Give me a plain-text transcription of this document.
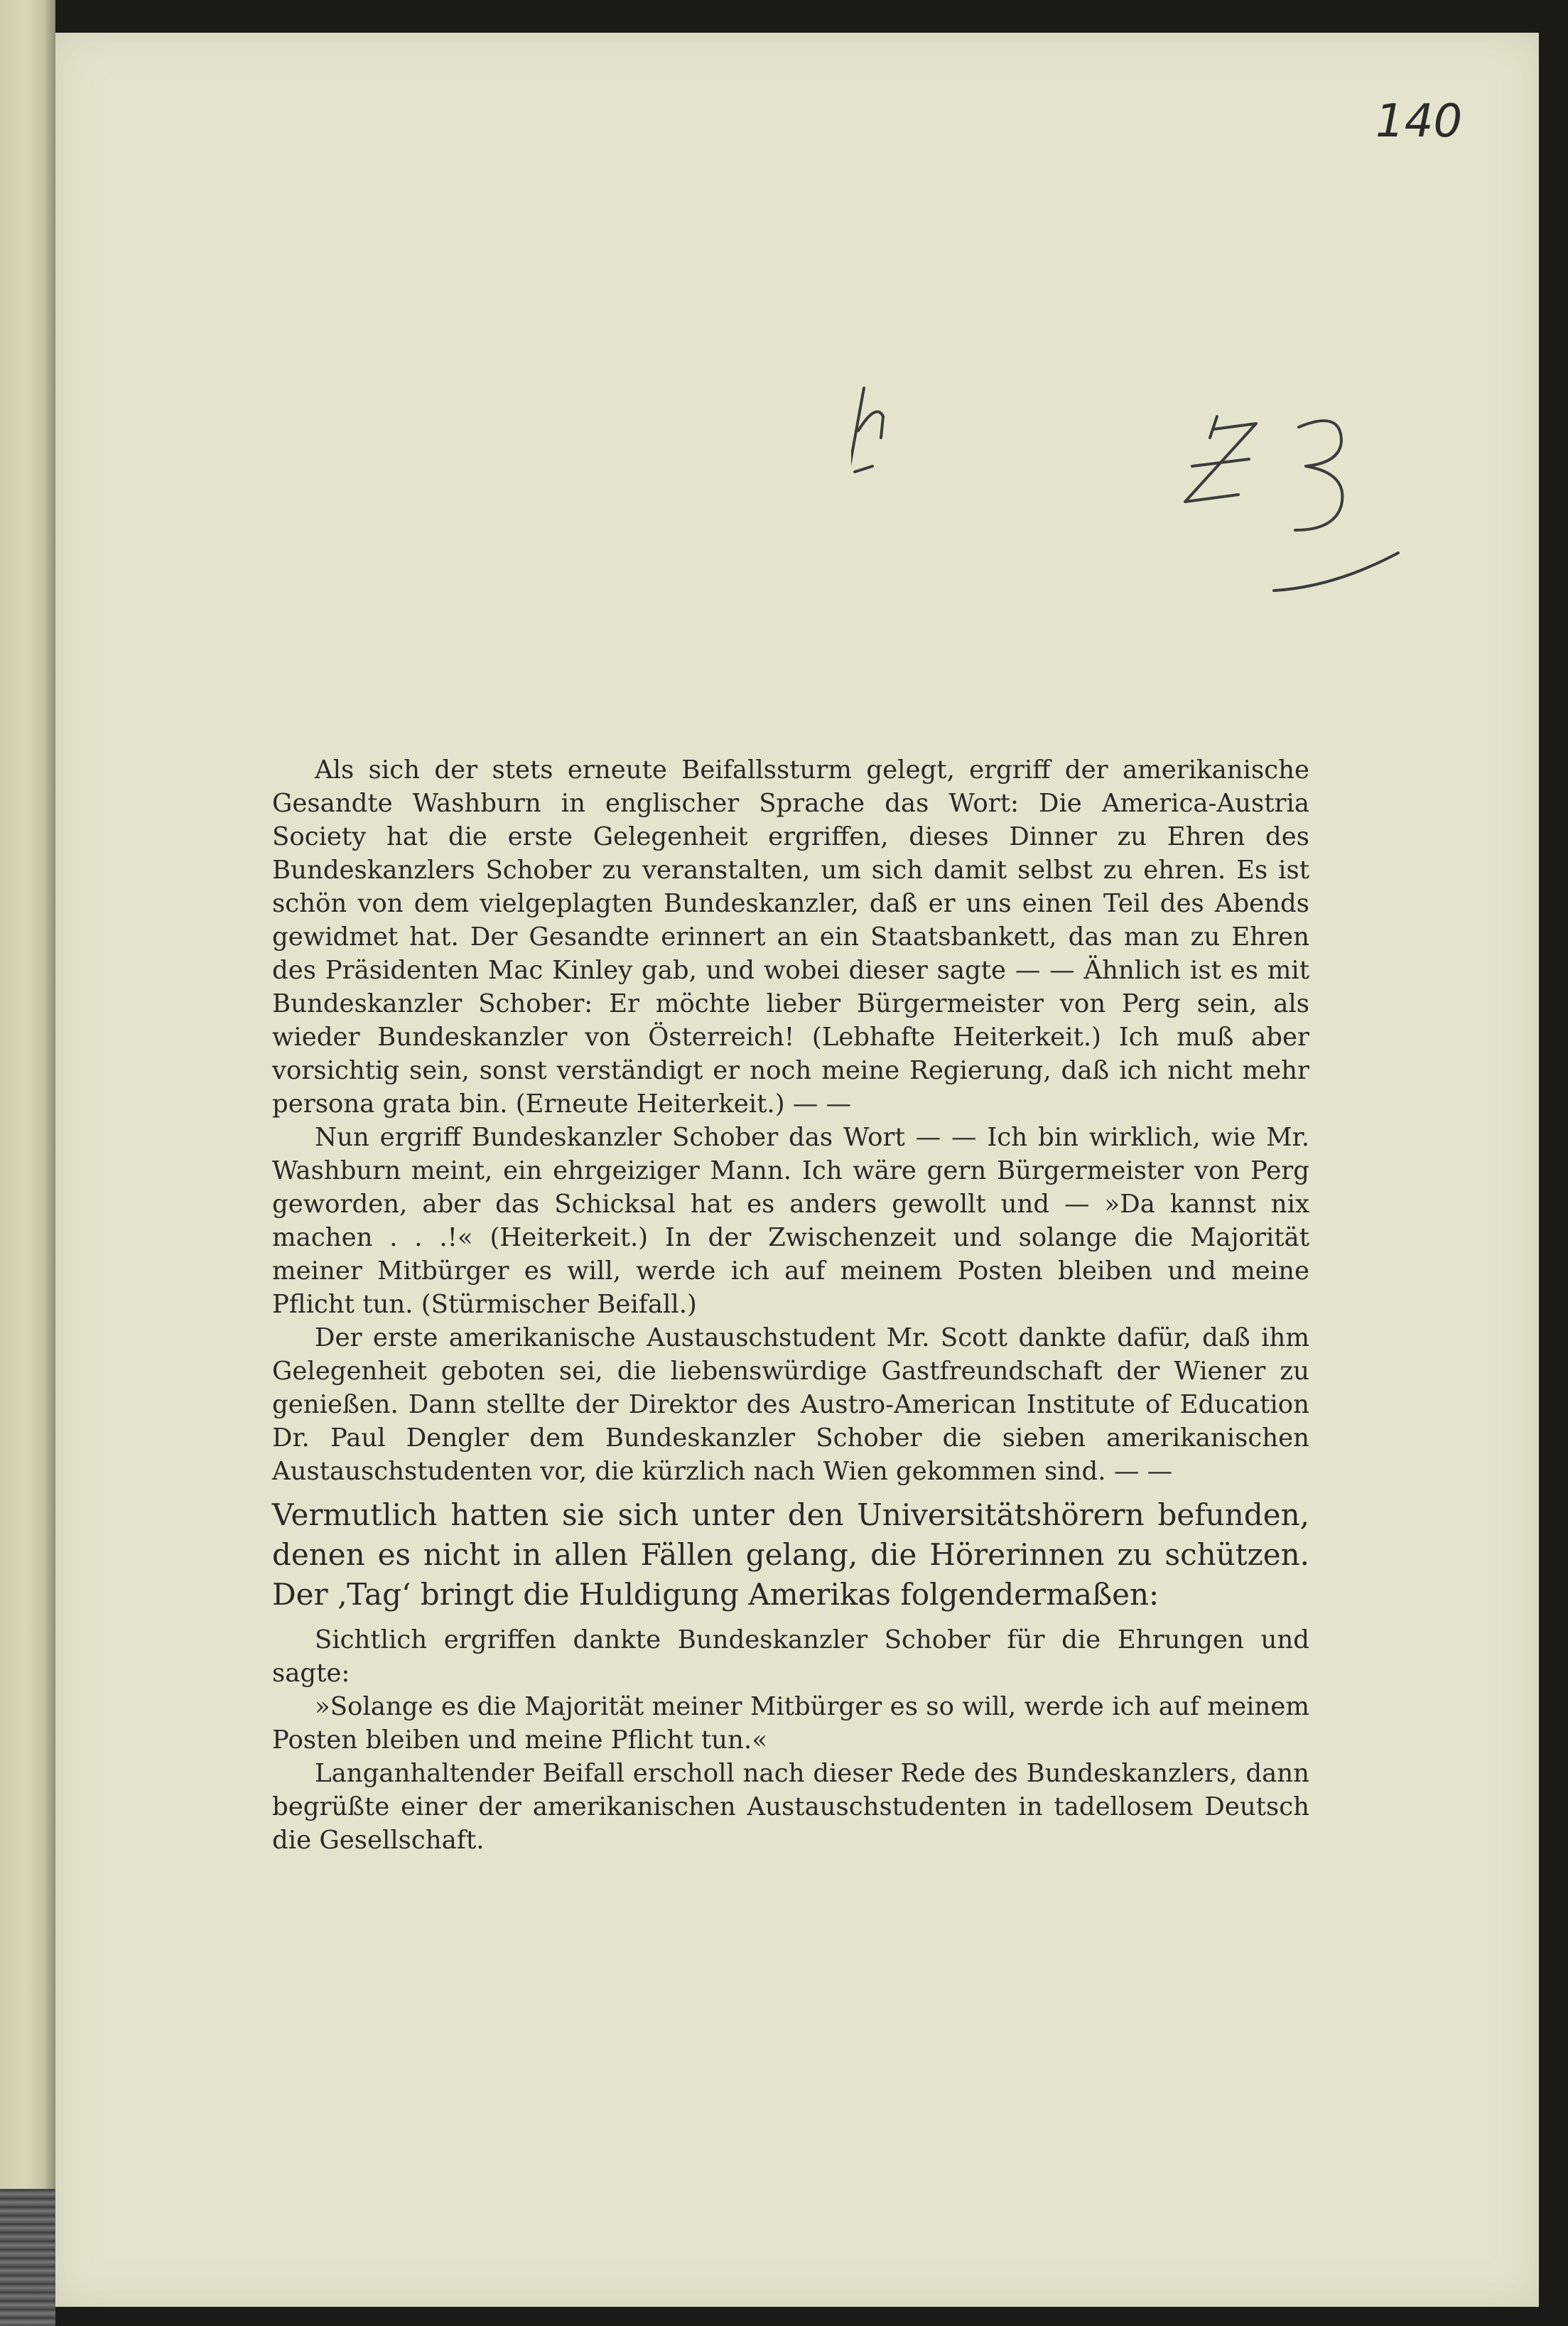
140

Als sich der stets erneute Beifallssturm gelegt, ergriff der amerikanische Gesandte Washburn in englischer Sprache das Wort: Die America-Austria Society hat die erste Gelegenheit ergriffen, dieses Dinner zu Ehren des Bundeskanzlers Schober zu veranstalten, um sich damit selbst zu ehren. Es ist schön von dem vielgeplagten Bundeskanzler, daß er uns einen Teil des Abends gewidmet hat. Der Gesandte erinnert an ein Staatsbankett, das man zu Ehren des Präsidenten Mac Kinley gab, und wobei dieser sagte — — Ähnlich ist es mit Bundeskanzler Schober: Er möchte lieber Bürgermeister von Perg sein, als wieder Bundeskanzler von Österreich! (Lebhafte Heiterkeit.) Ich muß aber vorsichtig sein, sonst verständigt er noch meine Regierung, daß ich nicht mehr persona grata bin. (Erneute Heiterkeit.) — —

Nun ergriff Bundeskanzler Schober das Wort — — Ich bin wirklich, wie Mr. Washburn meint, ein ehrgeiziger Mann. Ich wäre gern Bürgermeister von Perg geworden, aber das Schicksal hat es anders gewollt und — »Da kannst nix machen . . .!« (Heiterkeit.) In der Zwischenzeit und solange die Majorität meiner Mitbürger es will, werde ich auf meinem Posten bleiben und meine Pflicht tun. (Stürmischer Beifall.)

Der erste amerikanische Austauschstudent Mr. Scott dankte dafür, daß ihm Gelegenheit geboten sei, die liebenswürdige Gastfreundschaft der Wiener zu genießen. Dann stellte der Direktor des Austro-American Institute of Education Dr. Paul Dengler dem Bundeskanzler Schober die sieben amerikanischen Austauschstudenten vor, die kürzlich nach Wien gekommen sind. — —

Vermutlich hatten sie sich unter den Universitätshörern befunden, denen es nicht in allen Fällen gelang, die Hörerinnen zu schützen. Der ‚Tag‘ bringt die Huldigung Amerikas folgendermaßen:

Sichtlich ergriffen dankte Bundeskanzler Schober für die Ehrungen und sagte:

»Solange es die Majorität meiner Mitbürger es so will, werde ich auf meinem Posten bleiben und meine Pflicht tun.«

Langanhaltender Beifall erscholl nach dieser Rede des Bundeskanzlers, dann begrüßte einer der amerikanischen Austauschstudenten in tadellosem Deutsch die Gesellschaft.
